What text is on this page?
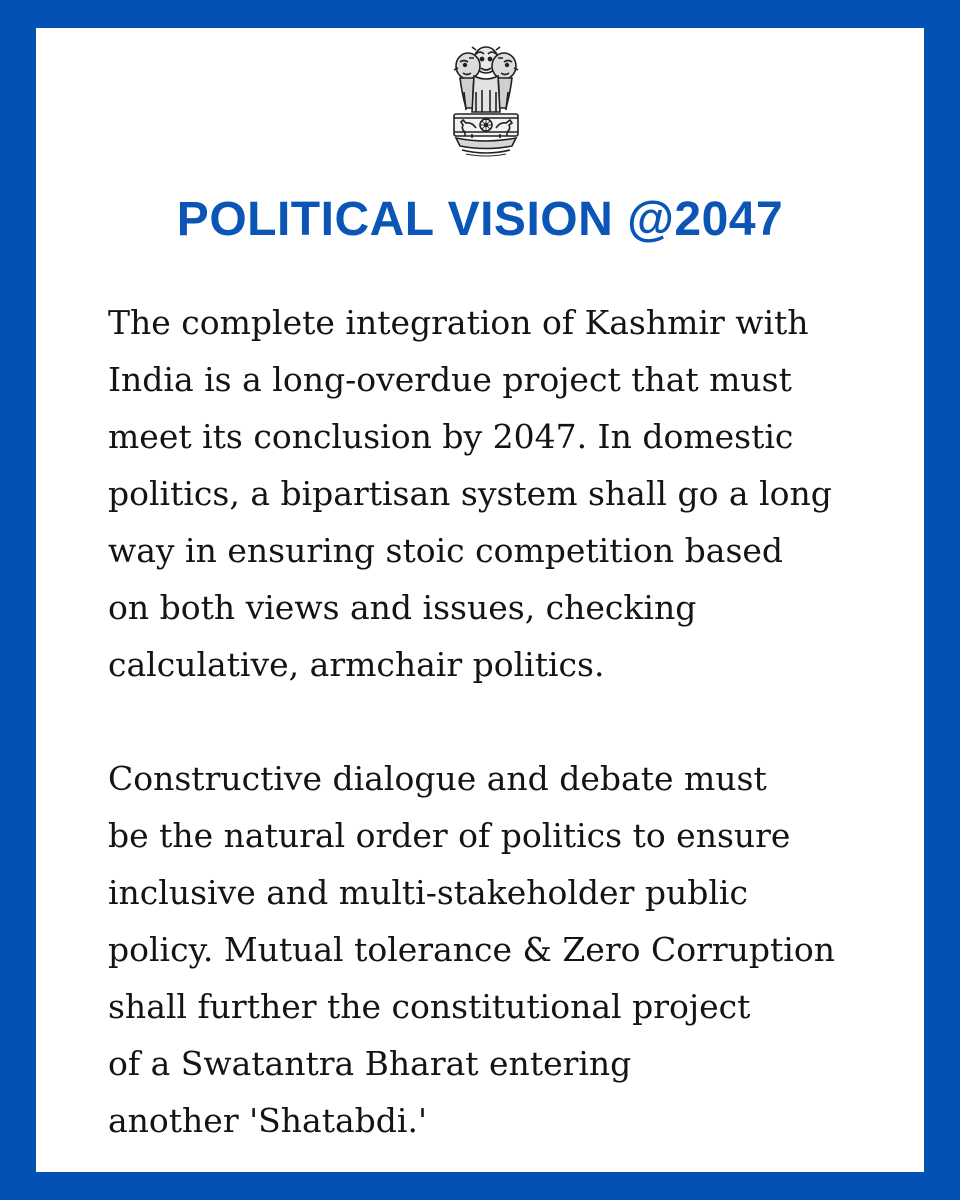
POLITICAL VISION @2047

The complete integration of Kashmir with
India is a long-overdue project that must
meet its conclusion by 2047. In domestic
politics, a bipartisan system shall go a long
way in ensuring stoic competition based
on both views and issues, checking
calculative, armchair politics.

Constructive dialogue and debate must
be the natural order of politics to ensure
inclusive and multi-stakeholder public
policy. Mutual tolerance & Zero Corruption
shall further the constitutional project
of a Swatantra Bharat entering
another 'Shatabdi.'
